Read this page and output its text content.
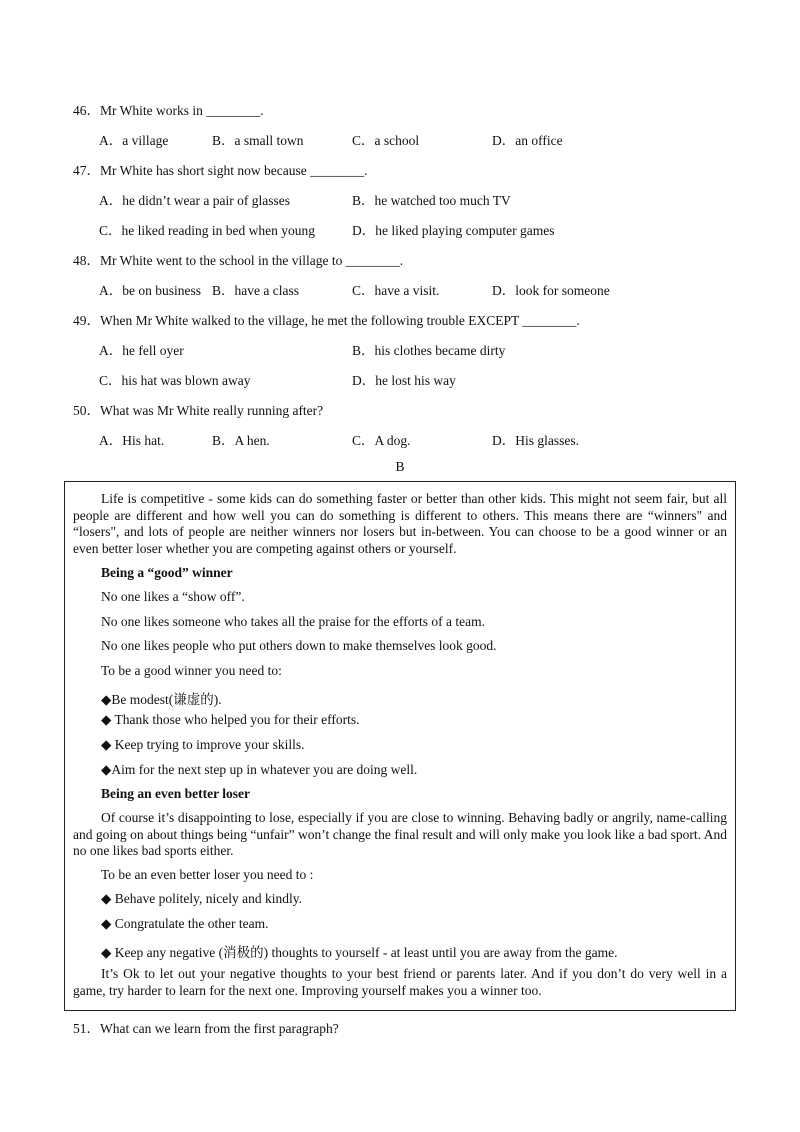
46．Mr White works in ________.
A．a village	B．a small town	C．a school	D．an office
47．Mr White has short sight now because ________.
A．he didn’t wear a pair of glasses	B．he watched too much TV
C．he liked reading in bed when young	D．he liked playing computer games
48．Mr White went to the school in the village to ________.
A．be on business B．have a class	C．have a visit.	D．look for someone
49．When Mr White walked to the village, he met the following trouble EXCEPT ________.
A．he fell oyer	B．his clothes became dirty
C．his hat was blown away	D．he lost his way
50．What was Mr White really running after?
A．His hat.	B．A hen.	C．A dog.	D．His glasses.
B
Life is competitive - some kids can do something faster or better than other kids. This might not seem fair, but all people are different and how well you can do something is different to others. This means there are “winners" and “losers", and lots of people are neither winners nor losers but in-between. You can choose to be a good winner or an even better loser whether you are competing against others or yourself.
Being a “good” winner
No one likes a “show off”.
No one likes someone who takes all the praise for the efforts of a team.
No one likes people who put others down to make themselves look good.
To be a good winner you need to:
◆Be modest(谦虚的).
◆ Thank those who helped you for their efforts.
◆ Keep trying to improve your skills.
◆Aim for the next step up in whatever you are doing well.
Being an even better loser
Of course it’s disappointing to lose, especially if you are close to winning. Behaving badly or angrily, name-calling and going on about things being “unfair” won’t change the final result and will only make you look like a bad sport. And no one likes bad sports either.
To be an even better loser you need to :
◆ Behave politely, nicely and kindly.
◆ Congratulate the other team.
◆ Keep any negative (消极的) thoughts to yourself - at least until you are away from the game.
It’s Ok to let out your negative thoughts to your best friend or parents later. And if you don’t do very well in a game, try harder to learn for the next one. Improving yourself makes you a winner too.
51．What can we learn from the first paragraph?
